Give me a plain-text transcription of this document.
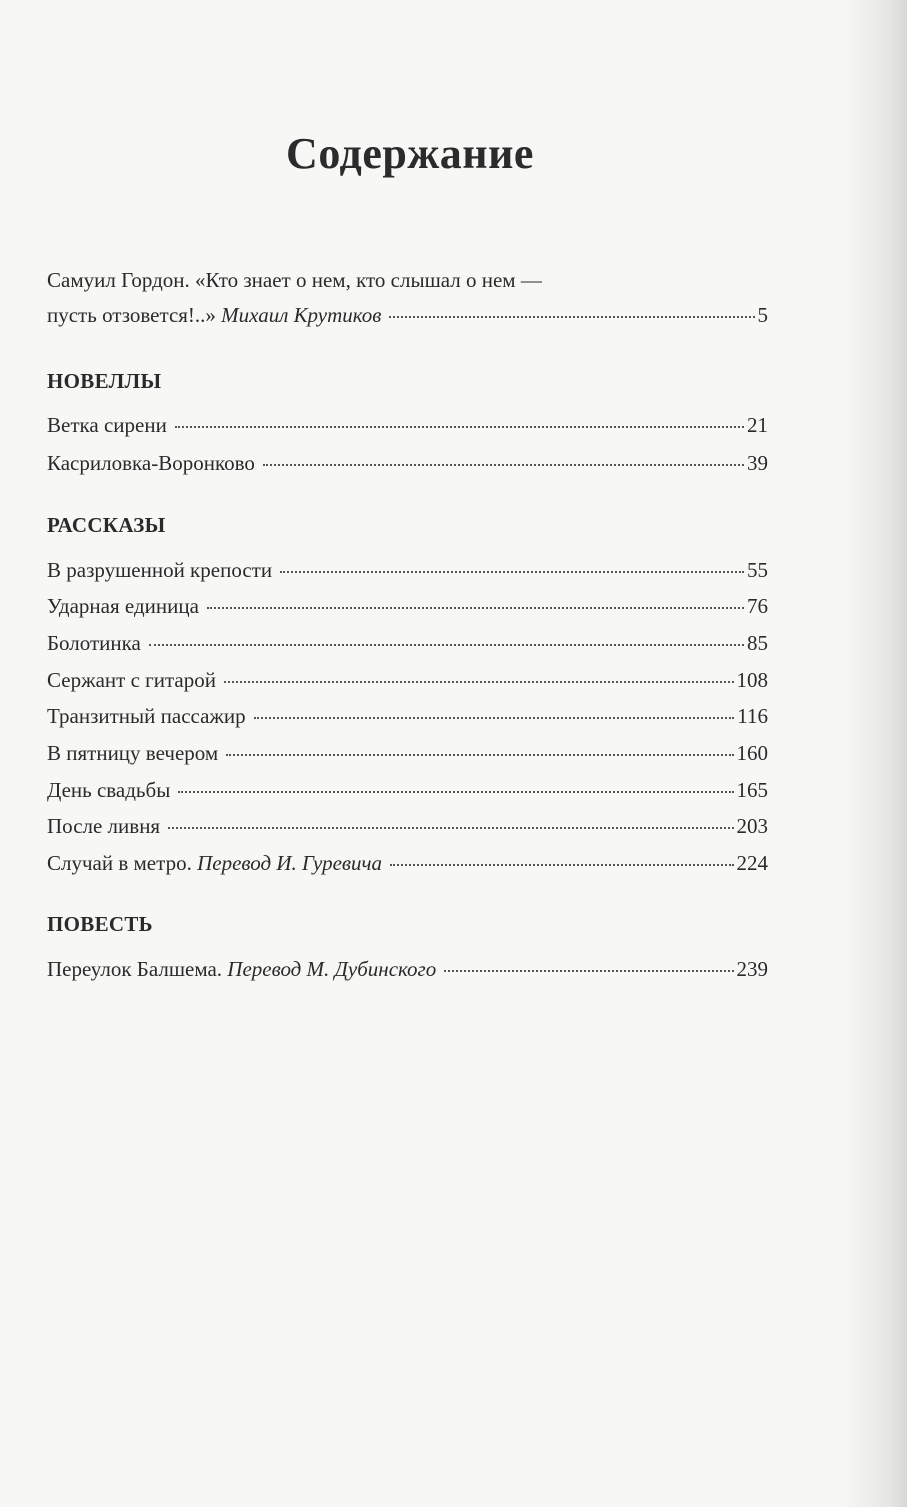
Содержание
Самуил Гордон. «Кто знает о нем, кто слышал о нем —
пусть отзовется!..» Михаил Крутиков	5
НОВЕЛЛЫ
Ветка сирени	21
Касриловка-Воронково	39
РАССКАЗЫ
В разрушенной крепости	55
Ударная единица	76
Болотинка	85
Сержант с гитарой	108
Транзитный пассажир	116
В пятницу вечером	160
День свадьбы	165
После ливня	203
Случай в метро. Перевод И. Гуревича	224
ПОВЕСТЬ
Переулок Балшема. Перевод М. Дубинского	239
